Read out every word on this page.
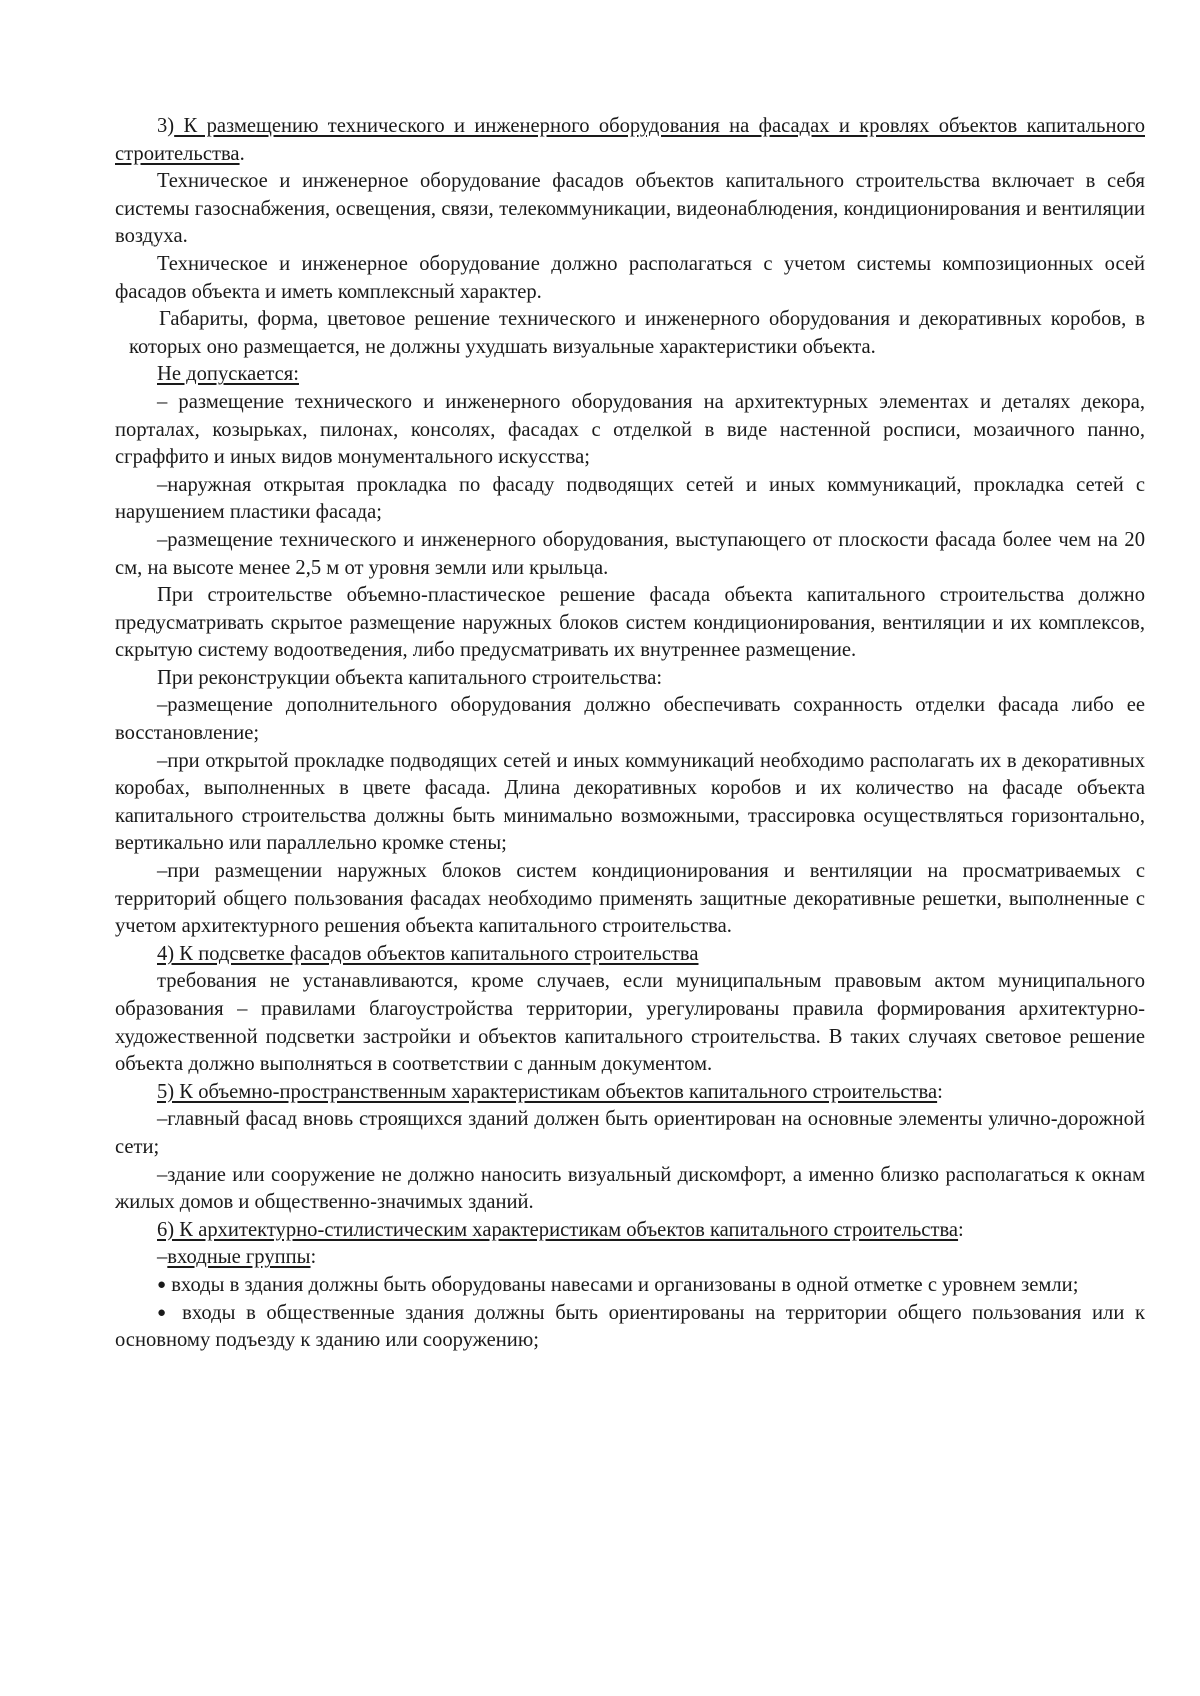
3) К размещению технического и инженерного оборудования на фасадах и кровлях объектов капитального строительства.

Техническое и инженерное оборудование фасадов объектов капитального строительства включает в себя системы газоснабжения, освещения, связи, телекоммуникации, видеонаблюдения, кондиционирования и вентиляции воздуха.

Техническое и инженерное оборудование должно располагаться с учетом системы композиционных осей фасадов объекта и иметь комплексный характер.

Габариты, форма, цветовое решение технического и инженерного оборудования и декоративных коробов, в которых оно размещается, не должны ухудшать визуальные характеристики объекта.

Не допускается:

– размещение технического и инженерного оборудования на архитектурных элементах и деталях декора, порталах, козырьках, пилонах, консолях, фасадах с отделкой в виде настенной росписи, мозаичного панно, сграффито и иных видов монументального искусства;

–наружная открытая прокладка по фасаду подводящих сетей и иных коммуникаций, прокладка сетей с нарушением пластики фасада;

–размещение технического и инженерного оборудования, выступающего от плоскости фасада более чем на 20 см, на высоте менее 2,5 м от уровня земли или крыльца.

При строительстве объемно-пластическое решение фасада объекта капитального строительства должно предусматривать скрытое размещение наружных блоков систем кондиционирования, вентиляции и их комплексов, скрытую систему водоотведения, либо предусматривать их внутреннее размещение.

При реконструкции объекта капитального строительства:

–размещение дополнительного оборудования должно обеспечивать сохранность отделки фасада либо ее восстановление;

–при открытой прокладке подводящих сетей и иных коммуникаций необходимо располагать их в декоративных коробах, выполненных в цвете фасада. Длина декоративных коробов и их количество на фасаде объекта капитального строительства должны быть минимально возможными, трассировка осуществляться горизонтально, вертикально или параллельно кромке стены;

–при размещении наружных блоков систем кондиционирования и вентиляции на просматриваемых с территорий общего пользования фасадах необходимо применять защитные декоративные решетки, выполненные с учетом архитектурного решения объекта капитального строительства.

4) К подсветке фасадов объектов капитального строительства

требования не устанавливаются, кроме случаев, если муниципальным правовым актом муниципального образования – правилами благоустройства территории, урегулированы правила формирования архитектурно-художественной подсветки застройки и объектов капитального строительства. В таких случаях световое решение объекта должно выполняться в соответствии с данным документом.

5) К объемно-пространственным характеристикам объектов капитального строительства:

–главный фасад вновь строящихся зданий должен быть ориентирован на основные элементы улично-дорожной сети;

–здание или сооружение не должно наносить визуальный дискомфорт, а именно близко располагаться к окнам жилых домов и общественно-значимых зданий.

6) К архитектурно-стилистическим характеристикам объектов капитального строительства:

–входные группы:

● входы в здания должны быть оборудованы навесами и организованы в одной отметке с уровнем земли;

● входы в общественные здания должны быть ориентированы на территории общего пользования или к основному подъезду к зданию или сооружению;
